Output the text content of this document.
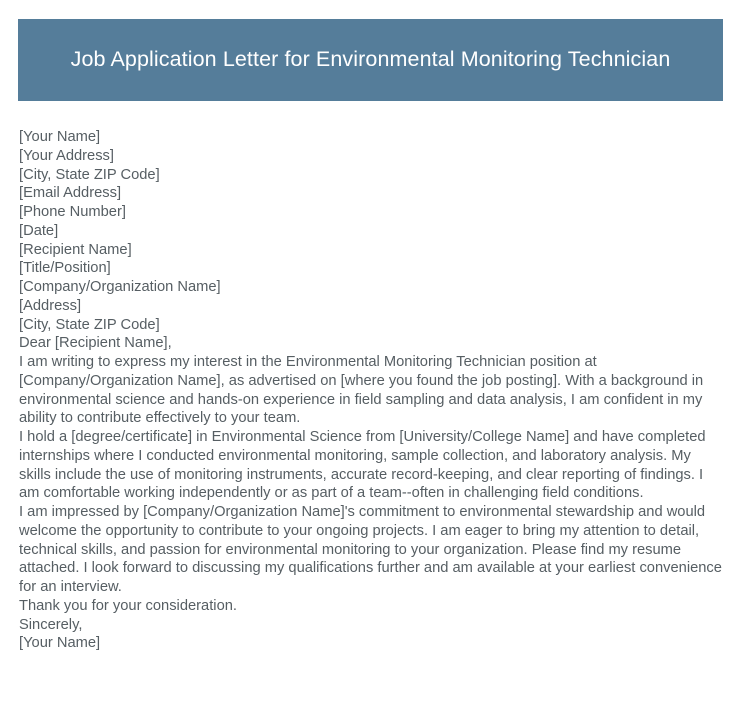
Job Application Letter for Environmental Monitoring Technician
[Your Name]
[Your Address]
[City, State ZIP Code]
[Email Address]
[Phone Number]
[Date]
[Recipient Name]
[Title/Position]
[Company/Organization Name]
[Address]
[City, State ZIP Code]
Dear [Recipient Name],

I am writing to express my interest in the Environmental Monitoring Technician position at [Company/Organization Name], as advertised on [where you found the job posting]. With a background in environmental science and hands-on experience in field sampling and data analysis, I am confident in my ability to contribute effectively to your team.

I hold a [degree/certificate] in Environmental Science from [University/College Name] and have completed internships where I conducted environmental monitoring, sample collection, and laboratory analysis. My skills include the use of monitoring instruments, accurate record-keeping, and clear reporting of findings. I am comfortable working independently or as part of a team--often in challenging field conditions.

I am impressed by [Company/Organization Name]'s commitment to environmental stewardship and would welcome the opportunity to contribute to your ongoing projects. I am eager to bring my attention to detail, technical skills, and passion for environmental monitoring to your organization. Please find my resume attached. I look forward to discussing my qualifications further and am available at your earliest convenience for an interview.

Thank you for your consideration.
Sincerely,
[Your Name]
